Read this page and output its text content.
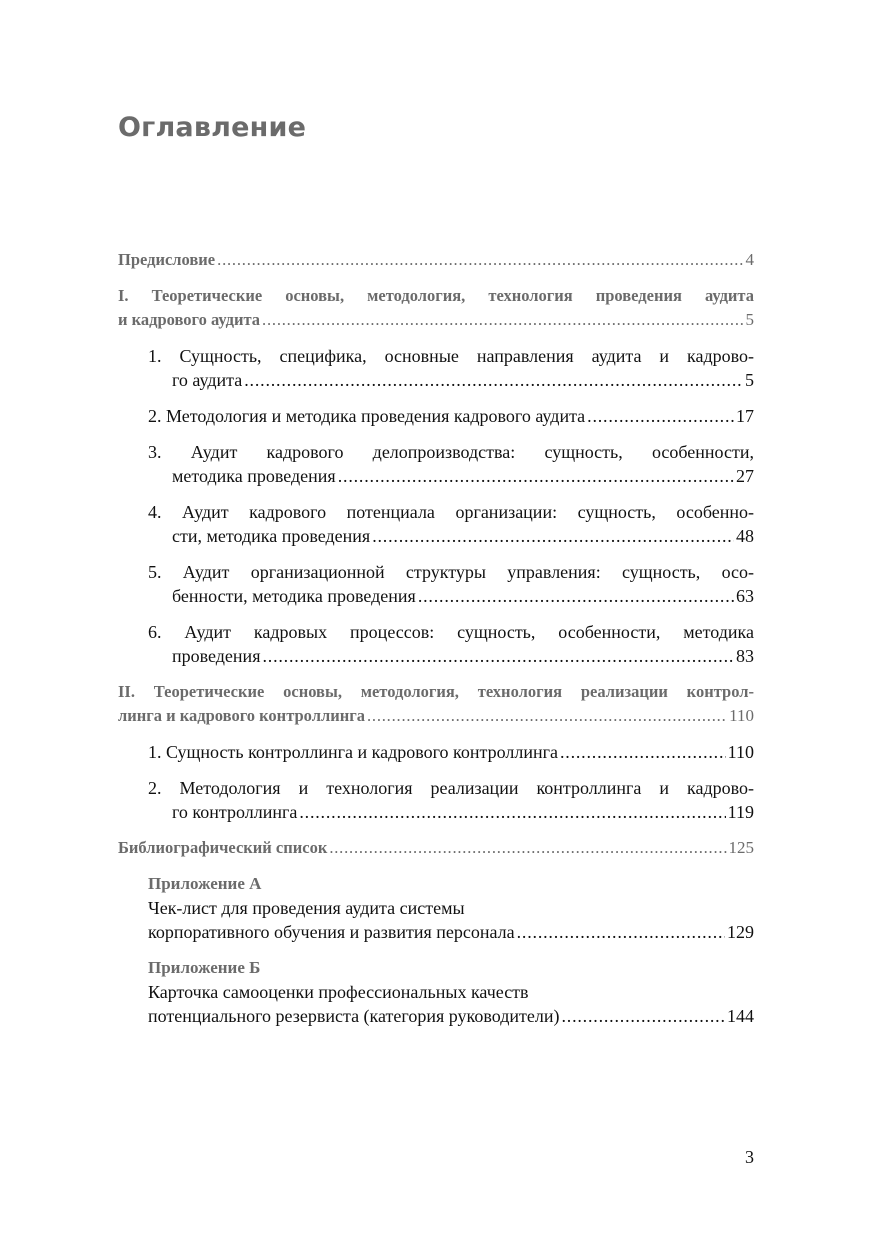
Оглавление
Предисловие .....	4
I. Теоретические основы, методология, технология проведения аудита
и кадрового аудита .....	5
1. Сущность, специфика, основные направления аудита и кадрово-
го аудита .....	5
2. Методология и методика проведения кадрового аудита .....	17
3. Аудит кадрового делопроизводства: сущность, особенности,
методика проведения .....	27
4. Аудит кадрового потенциала организации: сущность, особенно-
сти, методика проведения .....	48
5. Аудит организационной структуры управления: сущность, осо-
бенности, методика проведения .....	63
6. Аудит кадровых процессов: сущность, особенности, методика
проведения .....	83
II. Теоретические основы, методология, технология реализации контрол-
линга и кадрового контроллинга .....	110
1. Сущность контроллинга и кадрового контроллинга .....	110
2. Методология и технология реализации контроллинга и кадрово-
го контроллинга .....	119
Библиографический список .....	125
Приложение А
Чек-лист для проведения аудита системы
корпоративного обучения и развития персонала .....	129
Приложение Б
Карточка самооценки профессиональных качеств
потенциального резервиста (категория руководители) .....	144
3
